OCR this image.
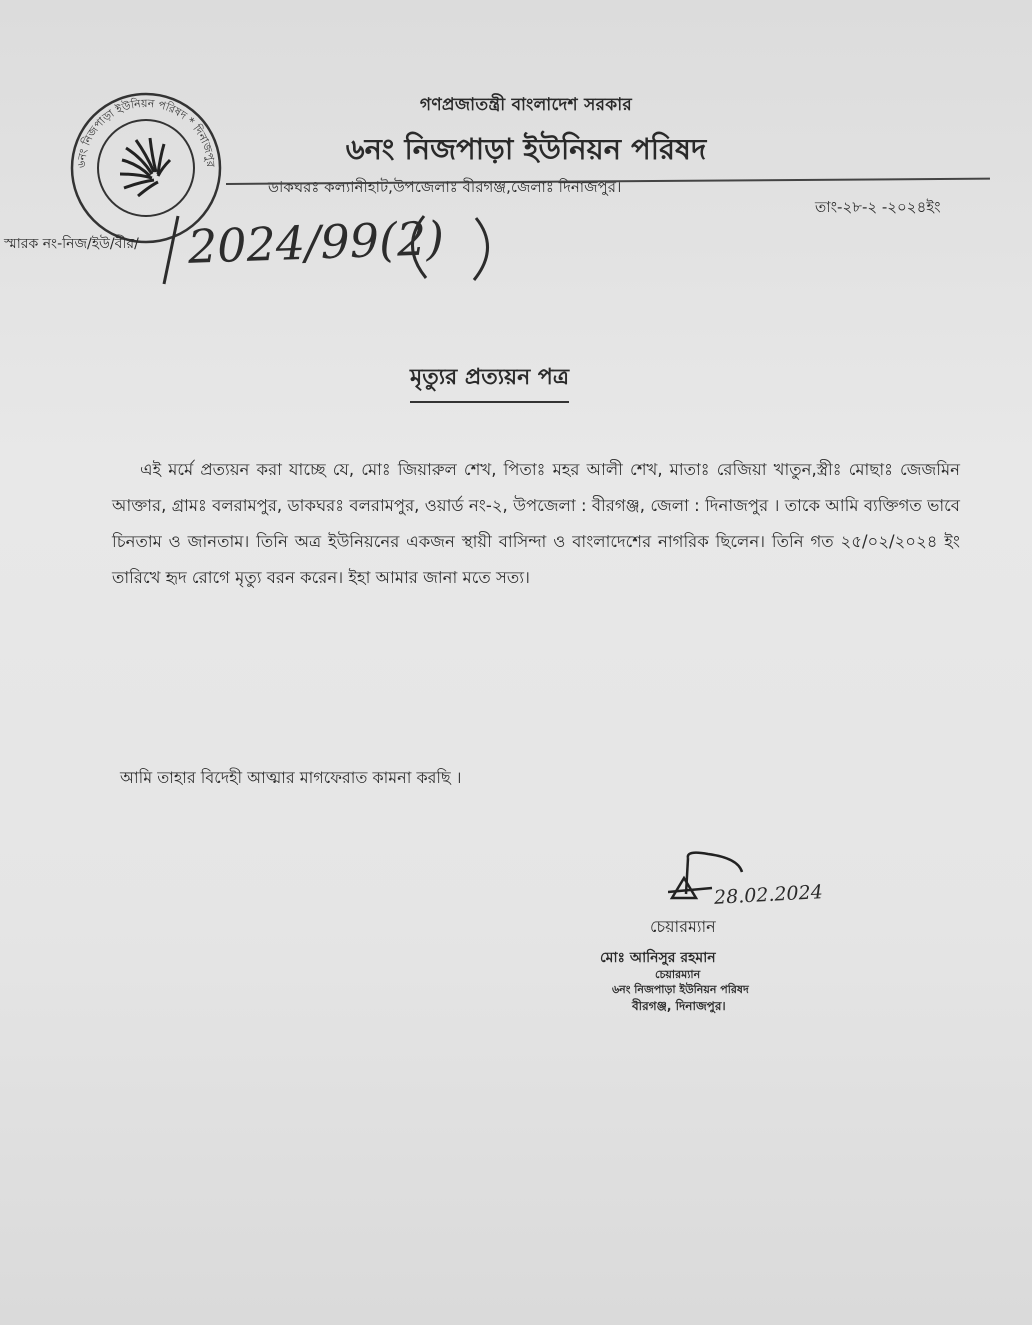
৬নং নিজপাড়া ইউনিয়ন পরিষদ * দিনাজপুর
গণপ্রজাতন্ত্রী বাংলাদেশ সরকার
৬নং নিজপাড়া ইউনিয়ন পরিষদ
ডাকঘরঃ কল্যানীহাট,উপজেলাঃ বীরগঞ্জ,জেলাঃ দিনাজপুর।
স্মারক নং-নিজ/ইউ/বীর/
তাং-২৮-২ -২০২৪ইং
2024/99(2)
মৃত্যুর প্রত্যয়ন পত্র
এই মর্মে প্রত্যয়ন করা যাচ্ছে যে, মোঃ জিয়ারুল শেখ, পিতাঃ মহর আলী শেখ, মাতাঃ রেজিয়া খাতুন,স্ত্রীঃ মোছাঃ জেজমিন আক্তার, গ্রামঃ বলরামপুর, ডাকঘরঃ বলরামপুর, ওয়ার্ড নং-২, উপজেলা : বীরগঞ্জ, জেলা : দিনাজপুর । তাকে আমি ব্যক্তিগত ভাবে চিনতাম ও জানতাম। তিনি অত্র ইউনিয়নের একজন স্থায়ী বাসিন্দা ও বাংলাদেশের নাগরিক ছিলেন। তিনি গত ২৫/০২/২০২৪ ইং তারিখে হৃদ রোগে মৃত্যু বরন করেন। ইহা আমার জানা মতে সত্য।
আমি তাহার বিদেহী আত্মার মাগফেরাত কামনা করছি ।
28.02.2024
চেয়ারম্যান
মোঃ আনিসুর রহমান
চেয়ারম্যান
৬নং নিজপাড়া ইউনিয়ন পরিষদ
বীরগঞ্জ, দিনাজপুর।
